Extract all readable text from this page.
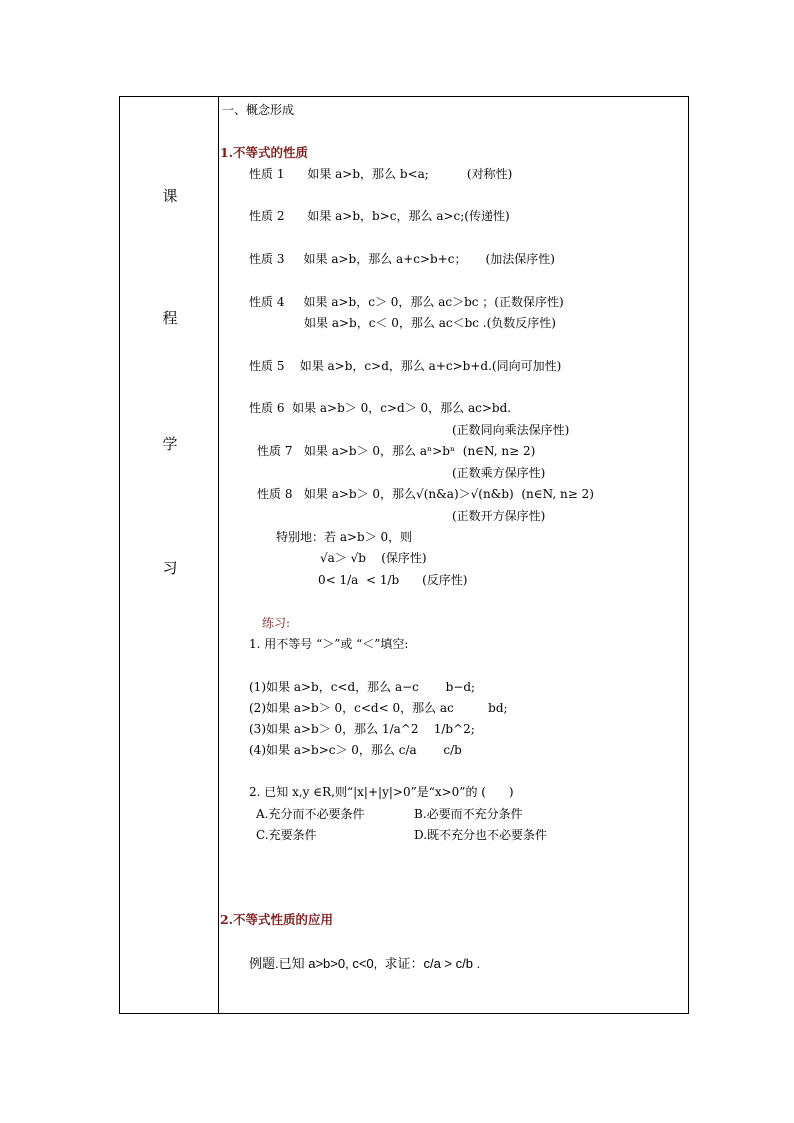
课
程
学
习
一、概念形成
1.不等式的性质
性质 1      如果 a>b，那么 b<a;          (对称性)
性质 2      如果 a>b，b>c，那么 a>c;(传递性)
性质 3     如果 a>b，那么 a+c>b+c；     (加法保序性)
性质 4     如果 a>b，c＞ 0，那么 ac＞bc ；(正数保序性)
如果 a>b，c＜ 0，那么 ac＜bc .(负数反序性)
性质 5    如果 a>b，c>d，那么 a+c>b+d.(同向可加性)
性质 6  如果 a>b＞ 0，c>d＞ 0，那么 ac>bd.
(正数同向乘法保序性)
性质 7   如果 a>b＞ 0，那么 aⁿ>bⁿ  (n∈N, n≥ 2)
(正数乘方保序性)
性质 8   如果 a>b＞ 0，那么√(n&a)＞√(n&b)  (n∈N, n≥ 2)
(正数开方保序性)
特别地：若 a>b＞ 0，则
√a＞ √b    (保序性)
0< 1/a  < 1/b      (反序性)
练习:
1. 用不等号 “＞”或 “＜”填空:
(1)如果 a>b，c<d，那么 a−c       b−d;
(2)如果 a>b＞ 0，c<d< 0，那么 ac         bd;
(3)如果 a>b＞ 0，那么 1/a^2    1/b^2;
(4)如果 a>b>c＞ 0，那么 c/a       c/b
2. 已知 x,y ∈R,则“|x|+|y|>0”是“x>0”的 (      )
A.充分而不必要条件	B.必要而不充分条件
C.充要条件	D.既不充分也不必要条件
2.不等式性质的应用
例题.已知 a>b>0, c<0,  求证：c/a > c/b .
